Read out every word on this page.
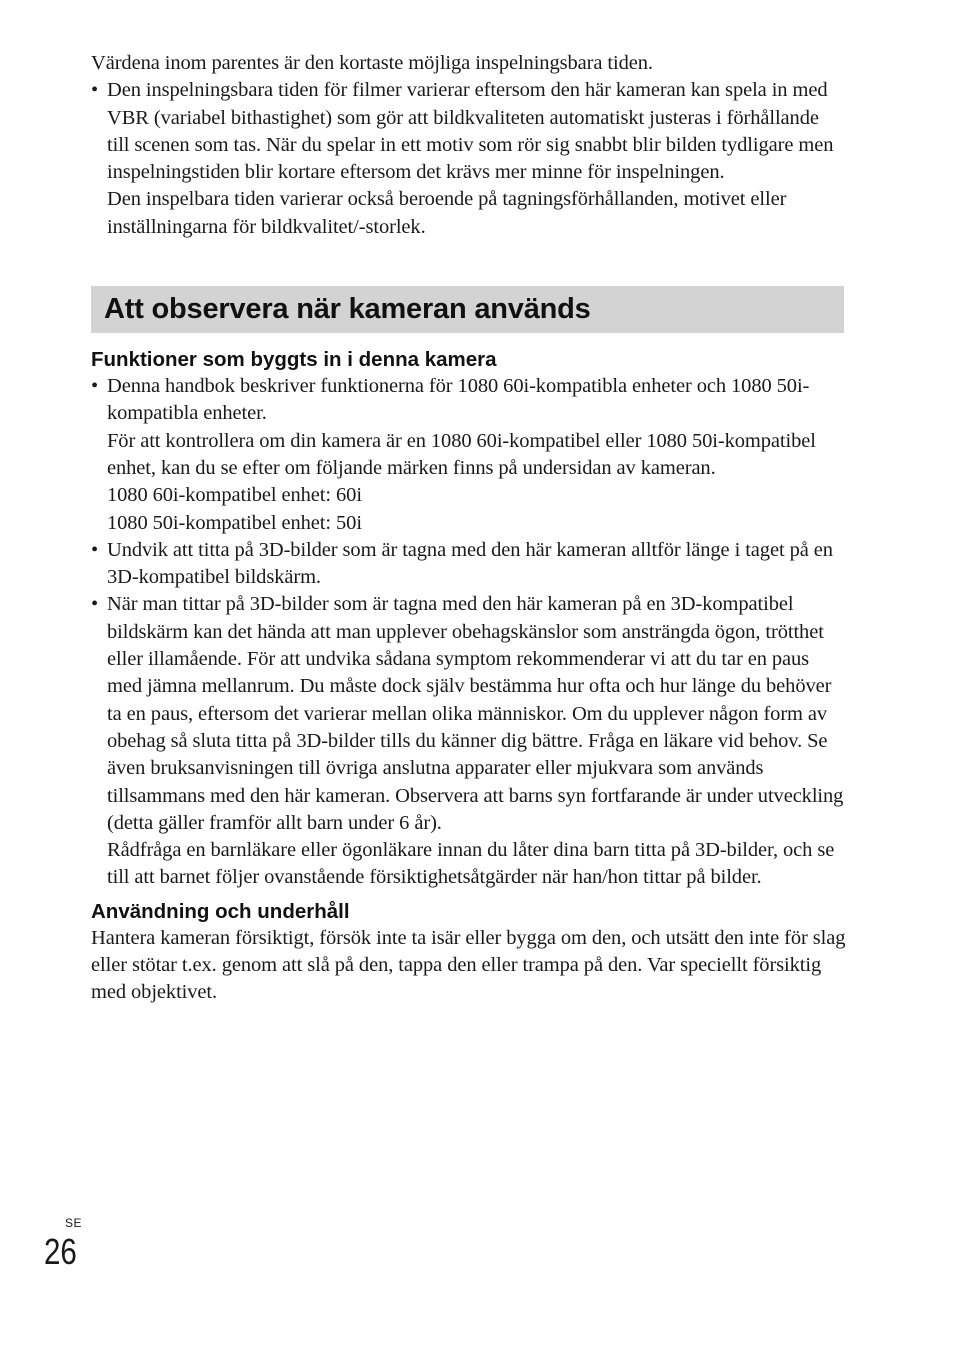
Värdena inom parentes är den kortaste möjliga inspelningsbara tiden.

• Den inspelningsbara tiden för filmer varierar eftersom den här kameran kan spela in med VBR (variabel bithastighet) som gör att bildkvaliteten automatiskt justeras i förhållande till scenen som tas. När du spelar in ett motiv som rör sig snabbt blir bilden tydligare men inspelningstiden blir kortare eftersom det krävs mer minne för inspelningen.

Den inspelbara tiden varierar också beroende på tagningsförhållanden, motivet eller inställningarna för bildkvalitet/-storlek.

Att observera när kameran används
Funktioner som byggts in i denna kamera
• Denna handbok beskriver funktionerna för 1080 60i-kompatibla enheter och 1080 50i-kompatibla enheter.

För att kontrollera om din kamera är en 1080 60i-kompatibel eller 1080 50i-kompatibel enhet, kan du se efter om följande märken finns på undersidan av kameran.

1080 60i-kompatibel enhet: 60i

1080 50i-kompatibel enhet: 50i

• Undvik att titta på 3D-bilder som är tagna med den här kameran alltför länge i taget på en 3D-kompatibel bildskärm.

• När man tittar på 3D-bilder som är tagna med den här kameran på en 3D-kompatibel bildskärm kan det hända att man upplever obehagskänslor som ansträngda ögon, trötthet eller illamående. För att undvika sådana symptom rekommenderar vi att du tar en paus med jämna mellanrum. Du måste dock själv bestämma hur ofta och hur länge du behöver ta en paus, eftersom det varierar mellan olika människor. Om du upplever någon form av obehag så sluta titta på 3D-bilder tills du känner dig bättre. Fråga en läkare vid behov. Se även bruksanvisningen till övriga anslutna apparater eller mjukvara som används tillsammans med den här kameran. Observera att barns syn fortfarande är under utveckling (detta gäller framför allt barn under 6 år).

Rådfråga en barnläkare eller ögonläkare innan du låter dina barn titta på 3D-bilder, och se till att barnet följer ovanstående försiktighetsåtgärder när han/hon tittar på bilder.

Användning och underhåll

Hantera kameran försiktigt, försök inte ta isär eller bygga om den, och utsätt den inte för slag eller stötar t.ex. genom att slå på den, tappa den eller trampa på den. Var speciellt försiktig med objektivet.

SE
26
